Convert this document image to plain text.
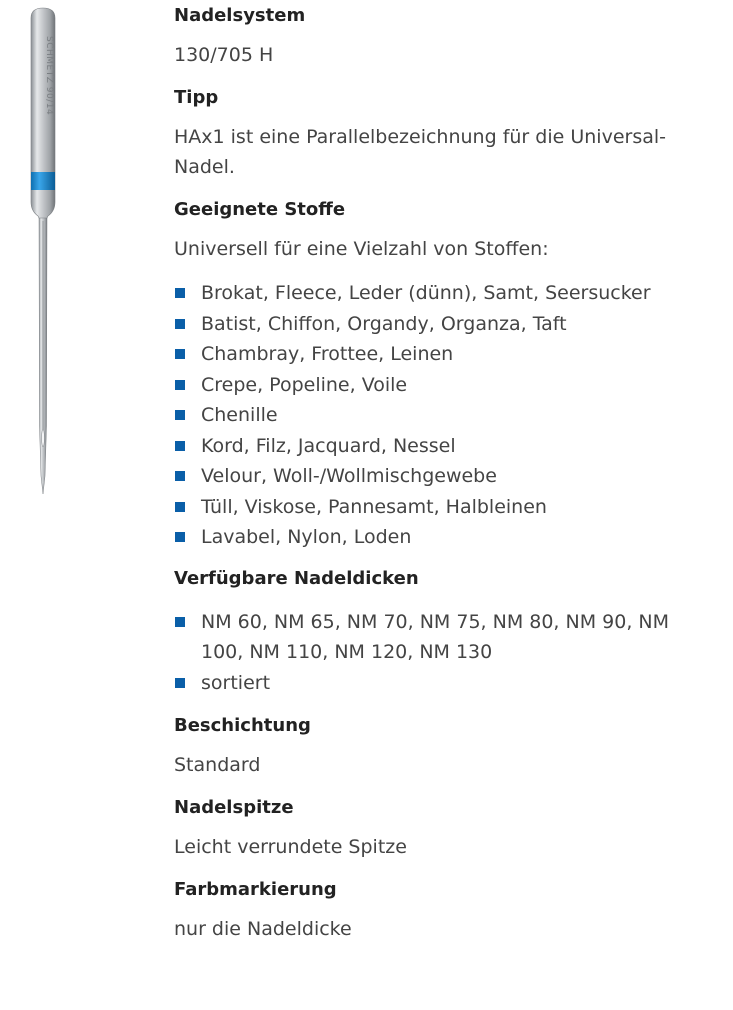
SCHMETZ 90/14
Nadelsystem

130/705 H

Tipp

HAx1 ist eine Parallelbezeichnung für die Universal-Nadel.

Geeignete Stoffe

Universell für eine Vielzahl von Stoffen:

Brokat, Fleece, Leder (dünn), Samt, Seersucker
Batist, Chiffon, Organdy, Organza, Taft
Chambray, Frottee, Leinen
Crepe, Popeline, Voile
Chenille
Kord, Filz, Jacquard, Nessel
Velour, Woll-/Wollmischgewebe
Tüll, Viskose, Pannesamt, Halbleinen
Lavabel, Nylon, Loden
Verfügbare Nadeldicken
NM 60, NM 65, NM 70, NM 75, NM 80, NM 90, NM 100, NM 110, NM 120, NM 130
sortiert
Beschichtung

Standard

Nadelspitze

Leicht verrundete Spitze

Farbmarkierung

nur die Nadeldicke
